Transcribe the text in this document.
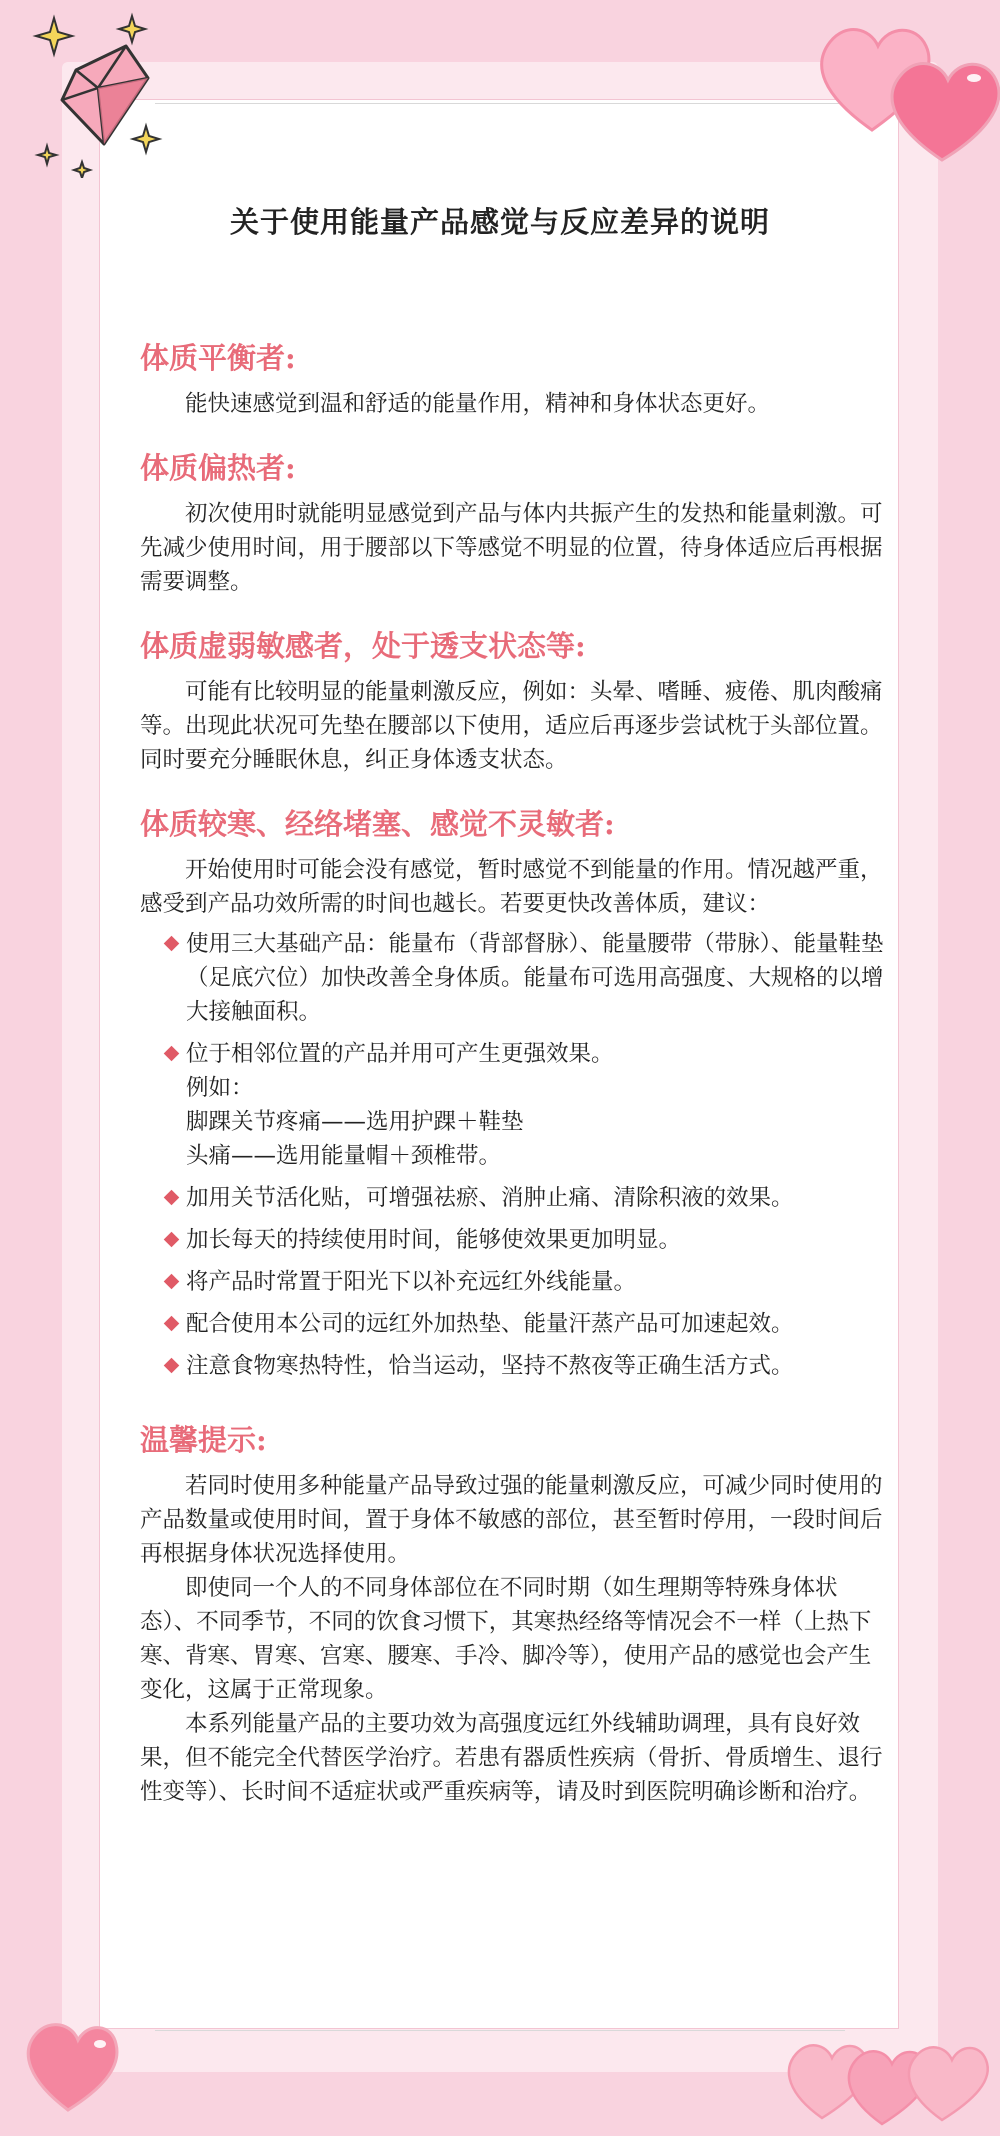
关于使用能量产品感觉与反应差异的说明
体质平衡者:

能快速感觉到温和舒适的能量作用，精神和身体状态更好。

体质偏热者:

初次使用时就能明显感觉到产品与体内共振产生的发热和能量刺激。可先减少使用时间，用于腰部以下等感觉不明显的位置，待身体适应后再根据需要调整。

体质虚弱敏感者，处于透支状态等:

可能有比较明显的能量刺激反应，例如：头晕、嗜睡、疲倦、肌肉酸痛等。出现此状况可先垫在腰部以下使用，适应后再逐步尝试枕于头部位置。同时要充分睡眠休息，纠正身体透支状态。

体质较寒、经络堵塞、感觉不灵敏者:

开始使用时可能会没有感觉，暂时感觉不到能量的作用。情况越严重，感受到产品功效所需的时间也越长。若要更快改善体质，建议：

使用三大基础产品：能量布（背部督脉）、能量腰带（带脉）、能量鞋垫（足底穴位）加快改善全身体质。能量布可选用高强度、大规格的以增大接触面积。
位于相邻位置的产品并用可产生更强效果。
例如：
脚踝关节疼痛——选用护踝＋鞋垫
头痛——选用能量帽＋颈椎带。
加用关节活化贴，可增强祛瘀、消肿止痛、清除积液的效果。
加长每天的持续使用时间，能够使效果更加明显。
将产品时常置于阳光下以补充远红外线能量。
配合使用本公司的远红外加热垫、能量汗蒸产品可加速起效。
注意食物寒热特性，恰当运动，坚持不熬夜等正确生活方式。
温馨提示:

若同时使用多种能量产品导致过强的能量刺激反应，可减少同时使用的产品数量或使用时间，置于身体不敏感的部位，甚至暂时停用，一段时间后再根据身体状况选择使用。

即使同一个人的不同身体部位在不同时期（如生理期等特殊身体状态）、不同季节，不同的饮食习惯下，其寒热经络等情况会不一样（上热下寒、背寒、胃寒、宫寒、腰寒、手冷、脚冷等），使用产品的感觉也会产生变化，这属于正常现象。

本系列能量产品的主要功效为高强度远红外线辅助调理，具有良好效果，但不能完全代替医学治疗。若患有器质性疾病（骨折、骨质增生、退行性变等）、长时间不适症状或严重疾病等，请及时到医院明确诊断和治疗。
